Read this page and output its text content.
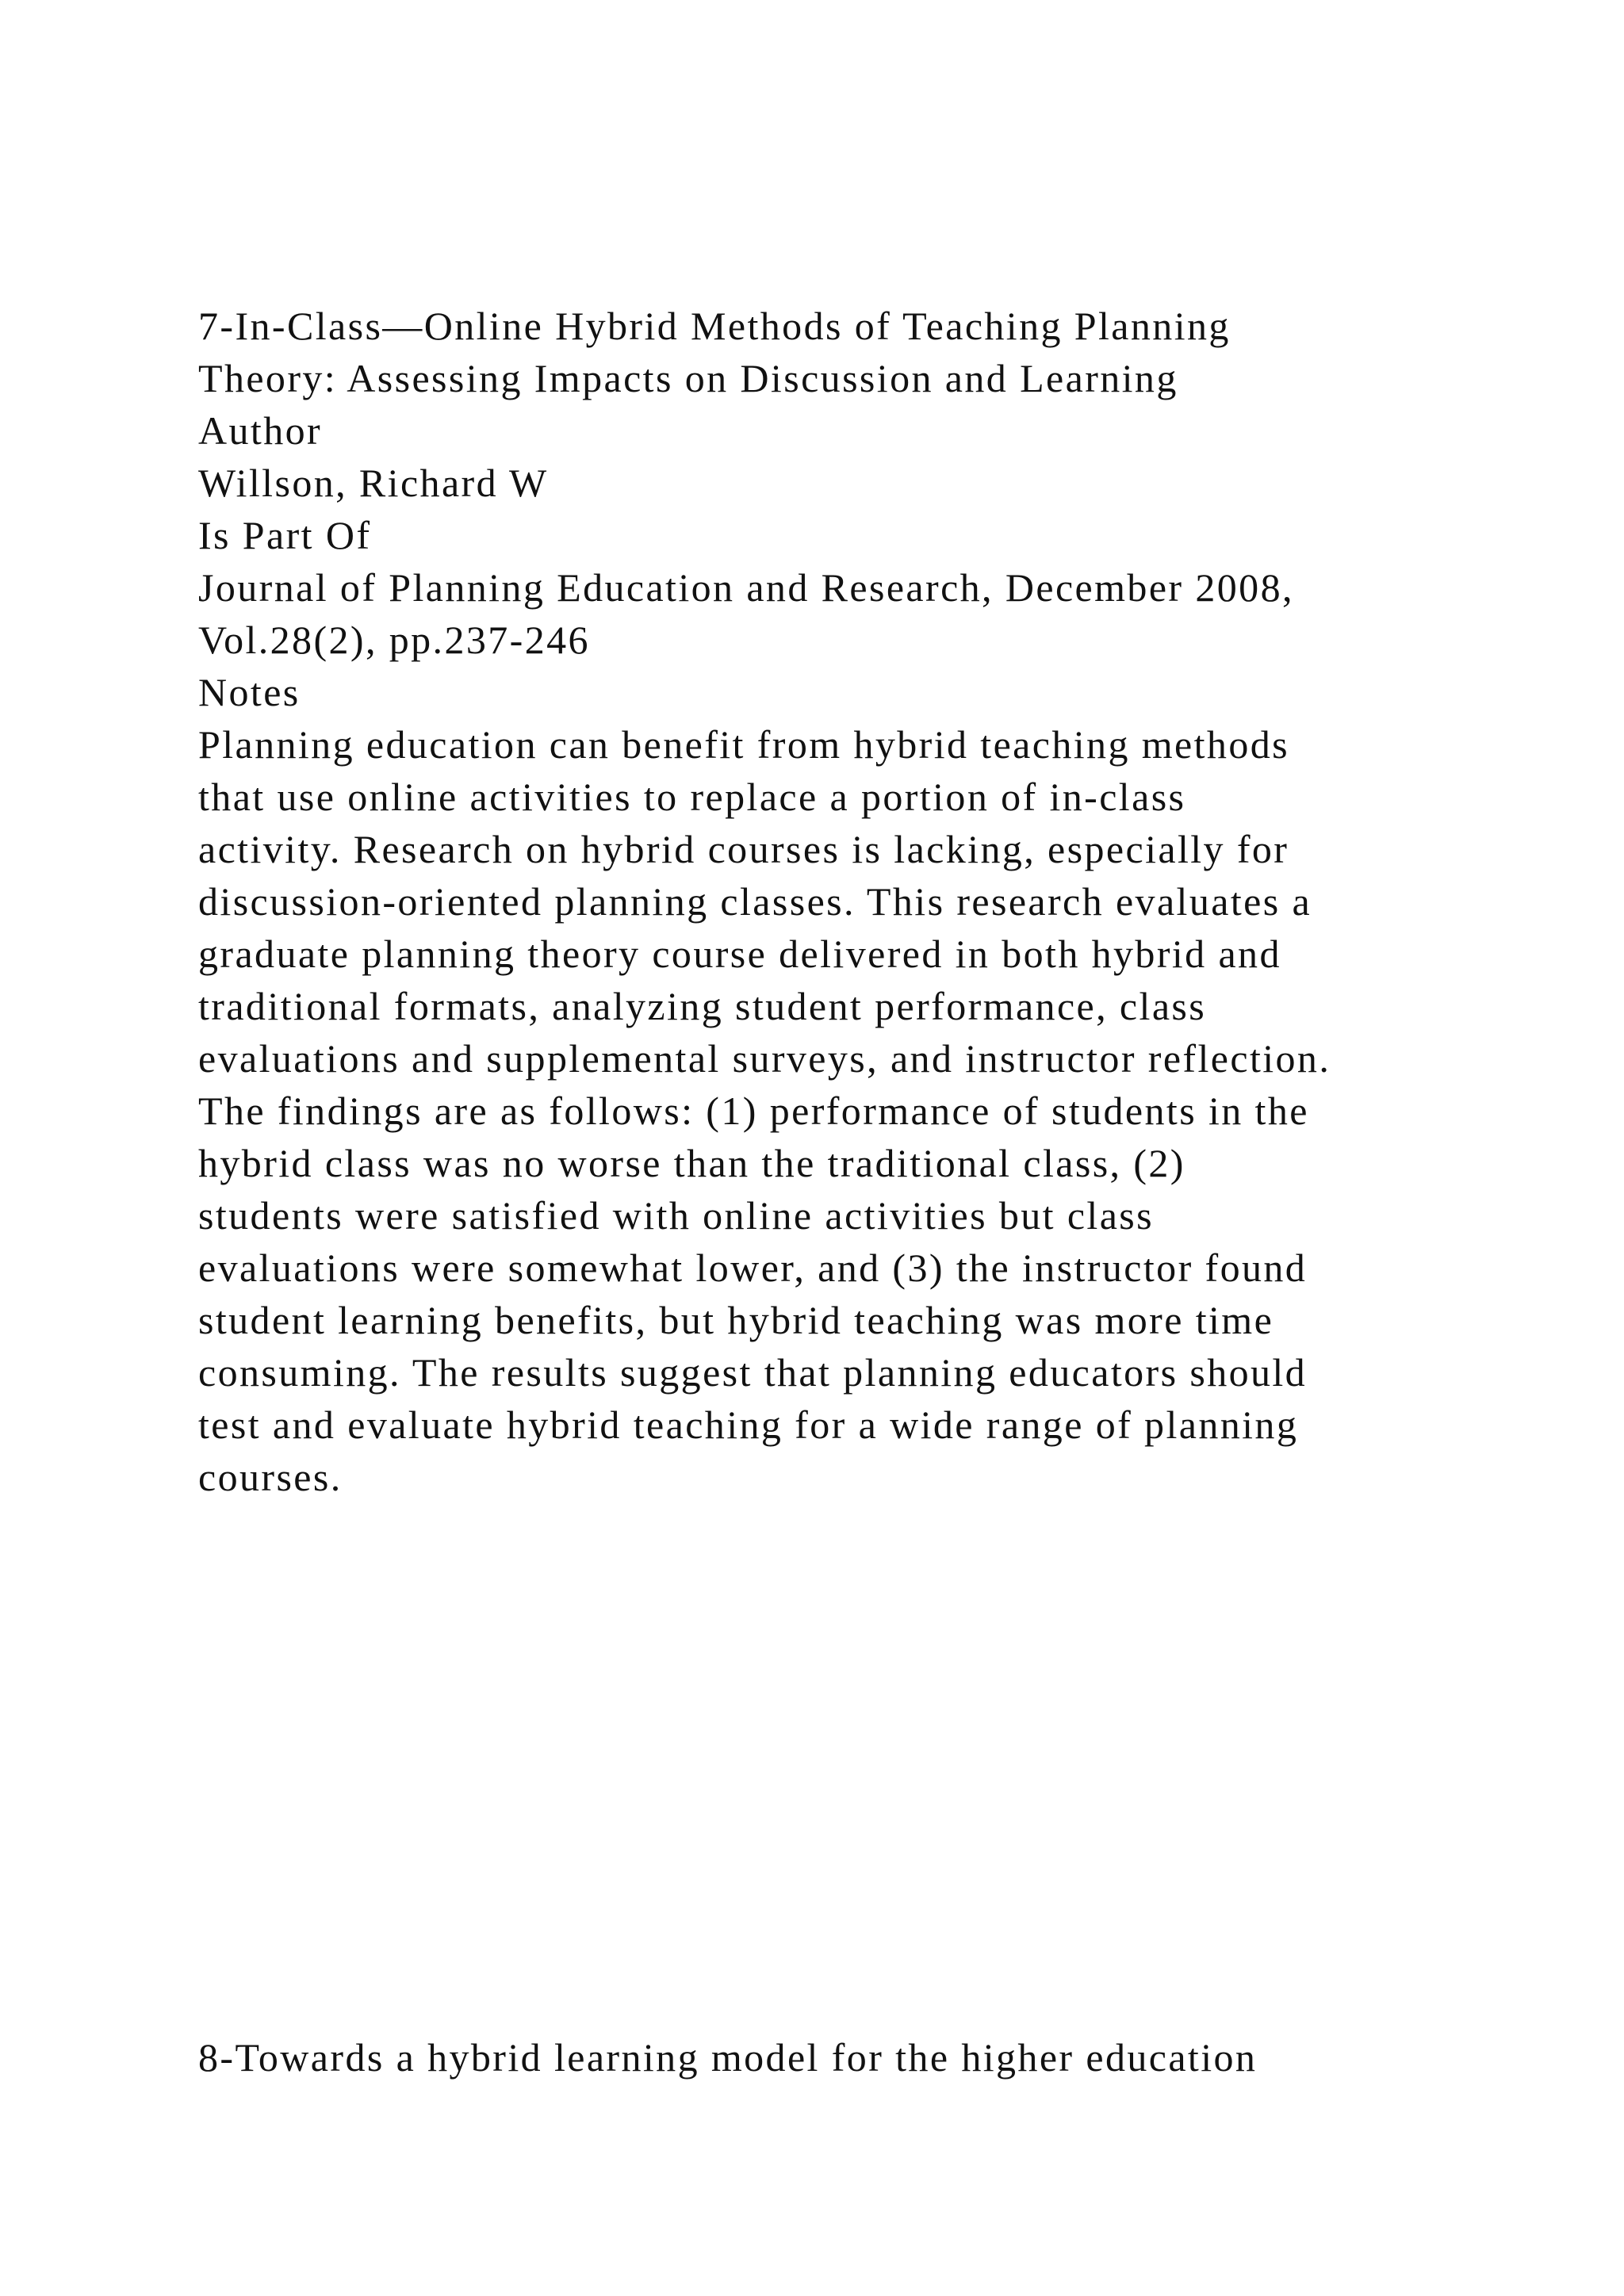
7-In-Class—Online Hybrid Methods of Teaching Planning
Theory: Assessing Impacts on Discussion and Learning
Author
Willson, Richard W
Is Part Of
Journal of Planning Education and Research, December 2008,
Vol.28(2), pp.237-246
Notes
Planning education can benefit from hybrid teaching methods
that use online activities to replace a portion of in-class
activity. Research on hybrid courses is lacking, especially for
discussion-oriented planning classes. This research evaluates a
graduate planning theory course delivered in both hybrid and
traditional formats, analyzing student performance, class
evaluations and supplemental surveys, and instructor reflection.
The findings are as follows: (1) performance of students in the
hybrid class was no worse than the traditional class, (2)
students were satisfied with online activities but class
evaluations were somewhat lower, and (3) the instructor found
student learning benefits, but hybrid teaching was more time
consuming. The results suggest that planning educators should
test and evaluate hybrid teaching for a wide range of planning
courses.
8-Towards a hybrid learning model for the higher education
